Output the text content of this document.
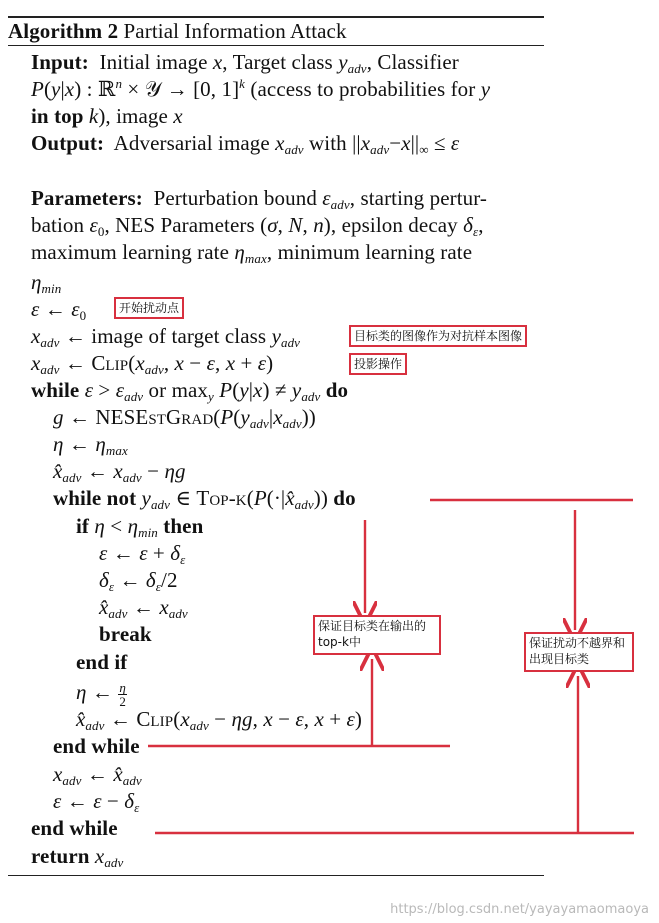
Algorithm 2 Partial Information Attack
Input:  Initial image x, Target class $y_{adv}$, Classifier
P(y|x) : ℝ$^n$ × 𝒴 → [0, 1]$^k$ (access to probabilities for y
in top k), image x
Output:  Adversarial image $x_{adv}$ with $||x_{adv}-x||_\infty \le \varepsilon$
Parameters:  Perturbation bound $\varepsilon_{adv}$, starting pertur-
bation $\varepsilon_0$, NES Parameters (σ, N, n), epsilon decay $\delta_\varepsilon$,
maximum learning rate $\eta_{max}$, minimum learning rate
$\eta_{min}$
ε ← $\varepsilon_0$
$x_{adv}$ ← image of target class $y_{adv}$
$x_{adv}$ ← $Clip(x_{adv}$, x − ε, x + ε)
while $\varepsilon > \varepsilon_{adv}$ or $\max_y P(y|x) \ne y_{adv}$ do
g ← $NESEstGrad(P(y_{adv}|x_{adv}))$
η ← $\eta_{max}$
$x̂_{adv}$ ← $x_{adv} - \eta g$
while not $y_{adv}$ ∈ Top-$k(P(\cdot|x̂_{adv}))$ do
if $\eta < \eta_{min}$ then
ε ← $\varepsilon + \delta_\varepsilon$
$\delta_\varepsilon$ ← $\delta_\varepsilon/2$
$x̂_{adv}$ ← $x_{adv}$
break
end if
η ← $\frac{\eta}{2}$
$x̂_{adv}$ ← $Clip(x_{adv} - \eta g$, x − ε, x + ε)
end while
$x_{adv}$ ← $x̂_{adv}$
ε ← $\varepsilon - \delta_\varepsilon$
end while
return $x_{adv}$
开始扰动点
目标类的图像作为对抗样本图像
投影操作
保证目标类在输出的top-k中	保证扰动不越界和出现目标类
https://blog.csdn.net/yayayamaomaoya
